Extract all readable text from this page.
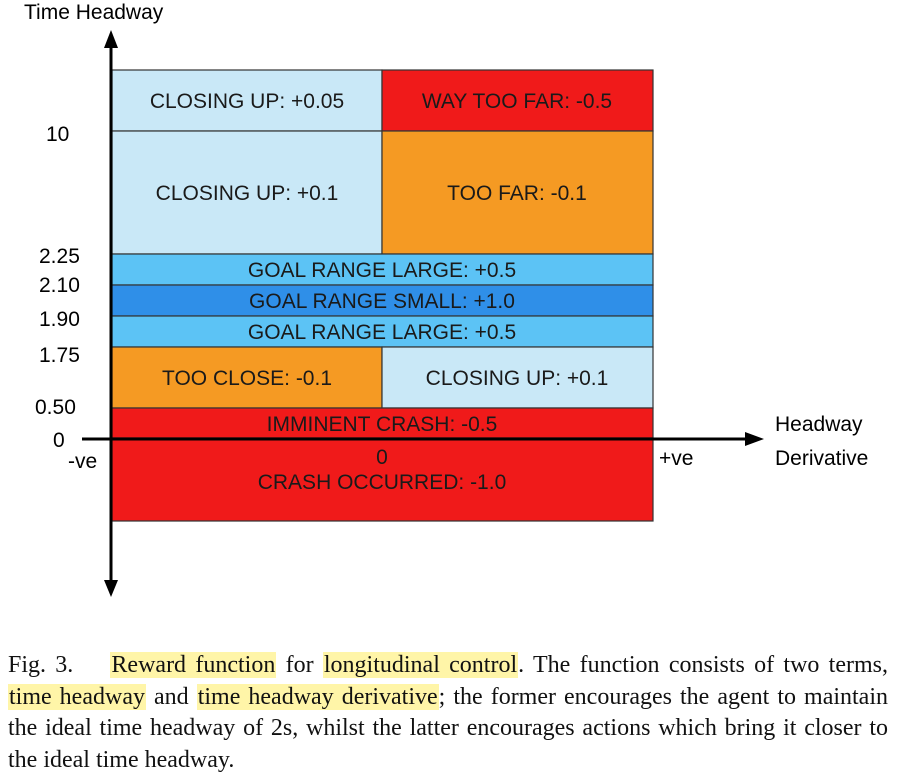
CLOSING UP: +0.05	WAY TOO FAR: -0.5
CLOSING UP: +0.1	TOO FAR: -0.1
GOAL RANGE LARGE: +0.5
GOAL RANGE SMALL: +1.0
GOAL RANGE LARGE: +0.5
TOO CLOSE: -0.1	CLOSING UP: +0.1
IMMINENT CRASH: -0.5
CRASH OCCURRED: -1.0
Time Headway
Headway
Derivative
10
2.25
2.10
1.90
1.75
0.50
0
-ve	+ve
0
Fig. 3. Reward function for longitudinal control. The function consists of two terms, time headway and time headway derivative; the former encourages the agent to maintain the ideal time headway of 2s, whilst the latter encourages actions which bring it closer to the ideal time headway.
